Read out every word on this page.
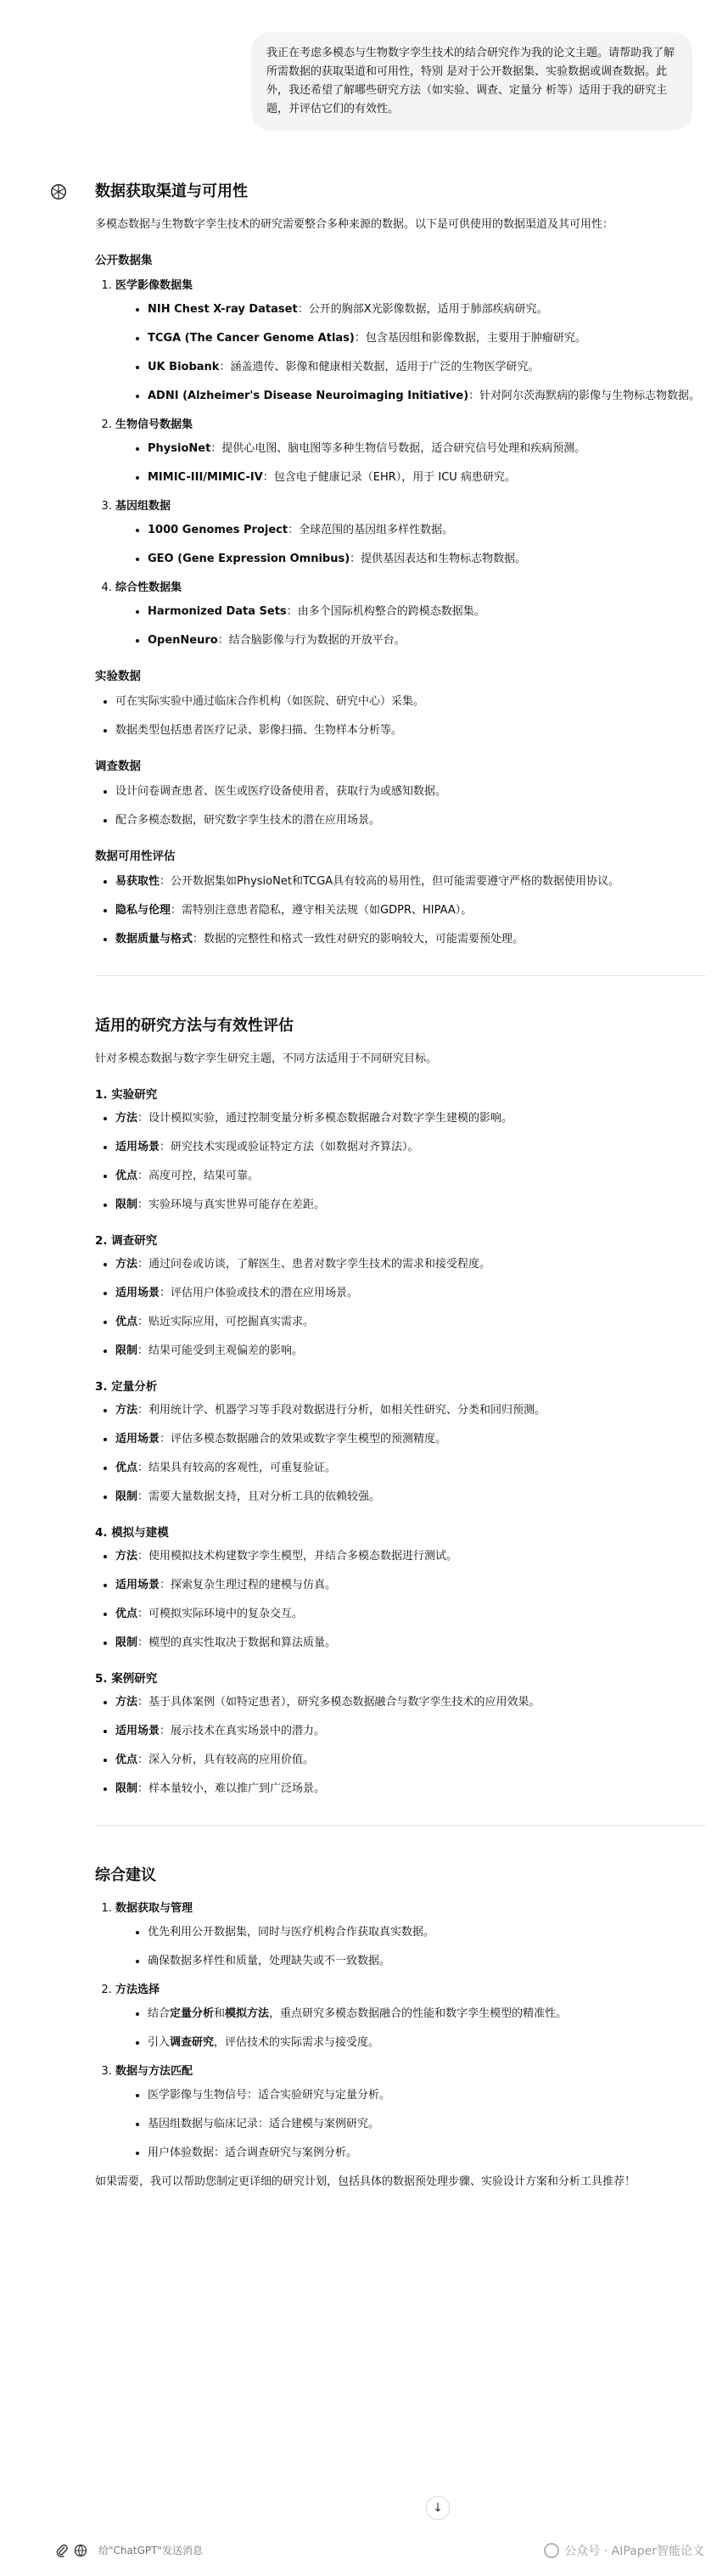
我正在考虑多模态与生物数字孪生技术的结合研究作为我的论文主题。请帮助我了解所需数据的获取渠道和可用性，特别 是对于公开数据集、实验数据或调查数据。此外，我还希望了解哪些研究方法（如实验、调查、定量分 析等）适用于我的研究主题，并评估它们的有效性。
数据获取渠道与可用性

多模态数据与生物数字孪生技术的研究需要整合多种来源的数据。以下是可供使用的数据渠道及其可用性：

公开数据集
1. 医学影像数据集
• NIH Chest X-ray Dataset：公开的胸部X光影像数据，适用于肺部疾病研究。
• TCGA (The Cancer Genome Atlas)：包含基因组和影像数据，主要用于肿瘤研究。
• UK Biobank：涵盖遗传、影像和健康相关数据，适用于广泛的生物医学研究。
• ADNI (Alzheimer's Disease Neuroimaging Initiative)：针对阿尔茨海默病的影像与生物标志物数据。
2. 生物信号数据集
• PhysioNet：提供心电图、脑电图等多种生物信号数据，适合研究信号处理和疾病预测。
• MIMIC-III/MIMIC-IV：包含电子健康记录（EHR），用于 ICU 病患研究。
3. 基因组数据
• 1000 Genomes Project：全球范围的基因组多样性数据。
• GEO (Gene Expression Omnibus)：提供基因表达和生物标志物数据。
4. 综合性数据集
• Harmonized Data Sets：由多个国际机构整合的跨模态数据集。
• OpenNeuro：结合脑影像与行为数据的开放平台。
实验数据
• 可在实际实验中通过临床合作机构（如医院、研究中心）采集。
• 数据类型包括患者医疗记录、影像扫描、生物样本分析等。
调查数据
• 设计问卷调查患者、医生或医疗设备使用者，获取行为或感知数据。
• 配合多模态数据，研究数字孪生技术的潜在应用场景。
数据可用性评估
• 易获取性：公开数据集如PhysioNet和TCGA具有较高的易用性，但可能需要遵守严格的数据使用协议。
• 隐私与伦理：需特别注意患者隐私，遵守相关法规（如GDPR、HIPAA）。
• 数据质量与格式：数据的完整性和格式一致性对研究的影响较大，可能需要预处理。
适用的研究方法与有效性评估

针对多模态数据与数字孪生研究主题，不同方法适用于不同研究目标。

1. 实验研究
• 方法：设计模拟实验，通过控制变量分析多模态数据融合对数字孪生建模的影响。
• 适用场景：研究技术实现或验证特定方法（如数据对齐算法）。
• 优点：高度可控，结果可靠。
• 限制：实验环境与真实世界可能存在差距。
2. 调查研究
• 方法：通过问卷或访谈，了解医生、患者对数字孪生技术的需求和接受程度。
• 适用场景：评估用户体验或技术的潜在应用场景。
• 优点：贴近实际应用，可挖掘真实需求。
• 限制：结果可能受到主观偏差的影响。
3. 定量分析
• 方法：利用统计学、机器学习等手段对数据进行分析，如相关性研究、分类和回归预测。
• 适用场景：评估多模态数据融合的效果或数字孪生模型的预测精度。
• 优点：结果具有较高的客观性，可重复验证。
• 限制：需要大量数据支持，且对分析工具的依赖较强。
4. 模拟与建模
• 方法：使用模拟技术构建数字孪生模型，并结合多模态数据进行测试。
• 适用场景：探索复杂生理过程的建模与仿真。
• 优点：可模拟实际环境中的复杂交互。
• 限制：模型的真实性取决于数据和算法质量。
5. 案例研究
• 方法：基于具体案例（如特定患者），研究多模态数据融合与数字孪生技术的应用效果。
• 适用场景：展示技术在真实场景中的潜力。
• 优点：深入分析，具有较高的应用价值。
• 限制：样本量较小，难以推广到广泛场景。
综合建议
1. 数据获取与管理
• 优先利用公开数据集，同时与医疗机构合作获取真实数据。
• 确保数据多样性和质量，处理缺失或不一致数据。
2. 方法选择
• 结合定量分析和模拟方法，重点研究多模态数据融合的性能和数字孪生模型的精准性。
• 引入调查研究，评估技术的实际需求与接受度。
3. 数据与方法匹配
• 医学影像与生物信号：适合实验研究与定量分析。
• 基因组数据与临床记录：适合建模与案例研究。
• 用户体验数据：适合调查研究与案例分析。

如果需要，我可以帮助您制定更详细的研究计划，包括具体的数据预处理步骤、实验设计方案和分析工具推荐！

↓
给"ChatGPT"发送消息
公众号 · AIPaper智能论文
